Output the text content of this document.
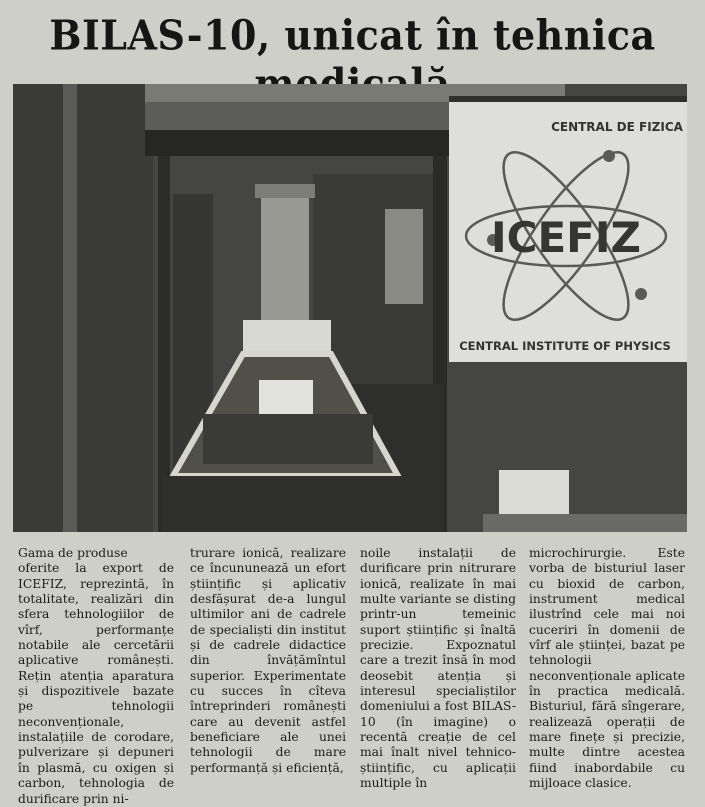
BILAS-10, unicat în tehnica
CENTRAL DE FIZICA
ICEFIZ
CENTRAL INSTITUTE OF PHYSICS
Gama de produse
oferite la export de ICEFIZ, reprezintă, în totalitate, realizări din sfera tehnologiilor de vîrf, performanțe notabile ale cercetării aplicative românești. Rețin atenția aparatura și dispozitivele bazate pe tehnologii neconvenționale, instalațiile de corodare, pulverizare și depuneri în plasmă, cu oxigen și carbon, tehnologia de durificare prin ni-
trurare ionică, realizare ce încununează un efort științific și aplicativ desfășurat de-a lungul ultimilor ani de cadrele de specialiști din institut și de cadrele didactice din învățămîntul superior. Experimentate cu succes în cîteva întreprinderi românești care au devenit astfel beneficiare ale unei tehnologii de mare performanță și eficiență,
noile instalații de durificare prin nitrurare ionică, realizate în mai multe variante se disting printr-un temeinic suport științific și înaltă precizie. Expoznatul care a trezit însă în mod deosebit atenția și interesul specialiștilor domeniului a fost BILAS-10 (în imagine) o recentă creație de cel mai înalt nivel tehnico-științific, cu aplicații multiple în
microchirurgie. Este vorba de bisturiul laser cu bioxid de carbon, instrument medical ilustrînd cele mai noi cuceriri în domenii de vîrf ale științei, bazat pe tehnologii neconvenționale aplicate în practica medicală. Bisturiul, fără sîngerare, realizează operații de mare finețe și precizie, multe dintre acestea fiind inabordabile cu mijloace clasice.
